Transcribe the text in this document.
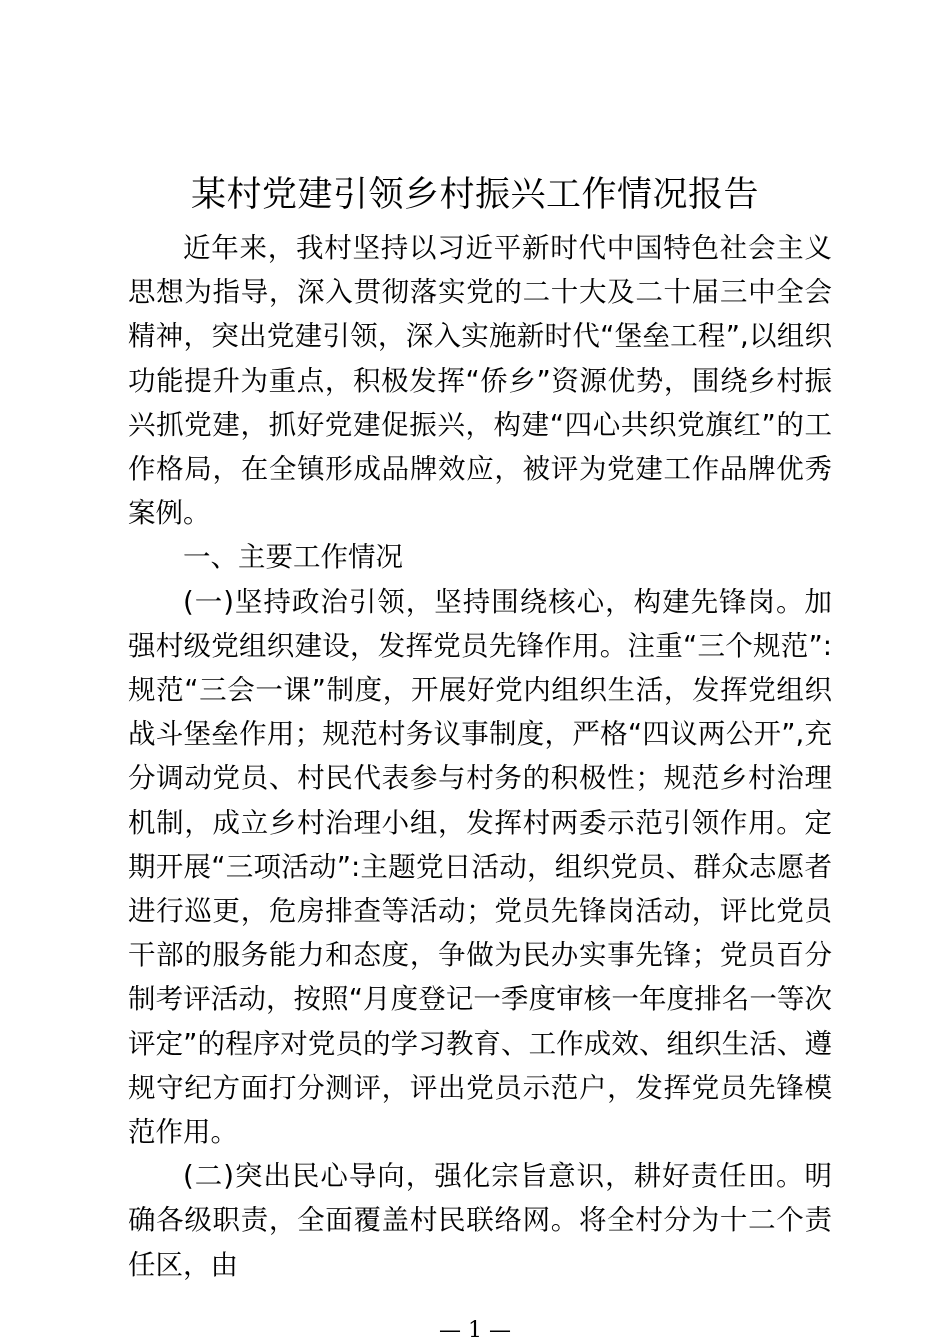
某村党建引领乡村振兴工作情况报告

近年来，我村坚持以习近平新时代中国特色社会主义思想为指导，深入贯彻落实党的二十大及二十届三中全会精神，突出党建引领，深入实施新时代“堡垒工程”,以组织功能提升为重点，积极发挥“侨乡”资源优势，围绕乡村振兴抓党建，抓好党建促振兴，构建“四心共织党旗红”的工作格局，在全镇形成品牌效应，被评为党建工作品牌优秀案例。

一、主要工作情况

(一)坚持政治引领，坚持围绕核心，构建先锋岗。加强村级党组织建设，发挥党员先锋作用。注重“三个规范”:规范“三会一课”制度，开展好党内组织生活，发挥党组织战斗堡垒作用；规范村务议事制度，严格“四议两公开”,充分调动党员、村民代表参与村务的积极性；规范乡村治理机制，成立乡村治理小组，发挥村两委示范引领作用。定期开展“三项活动”:主题党日活动，组织党员、群众志愿者进行巡更，危房排查等活动；党员先锋岗活动，评比党员干部的服务能力和态度，争做为民办实事先锋；党员百分制考评活动，按照“月度登记一季度审核一年度排名一等次评定”的程序对党员的学习教育、工作成效、组织生活、遵规守纪方面打分测评，评出党员示范户，发挥党员先锋模范作用。

(二)突出民心导向，强化宗旨意识，耕好责任田。明确各级职责，全面覆盖村民联络网。将全村分为十二个责任区，由

— 1 —
